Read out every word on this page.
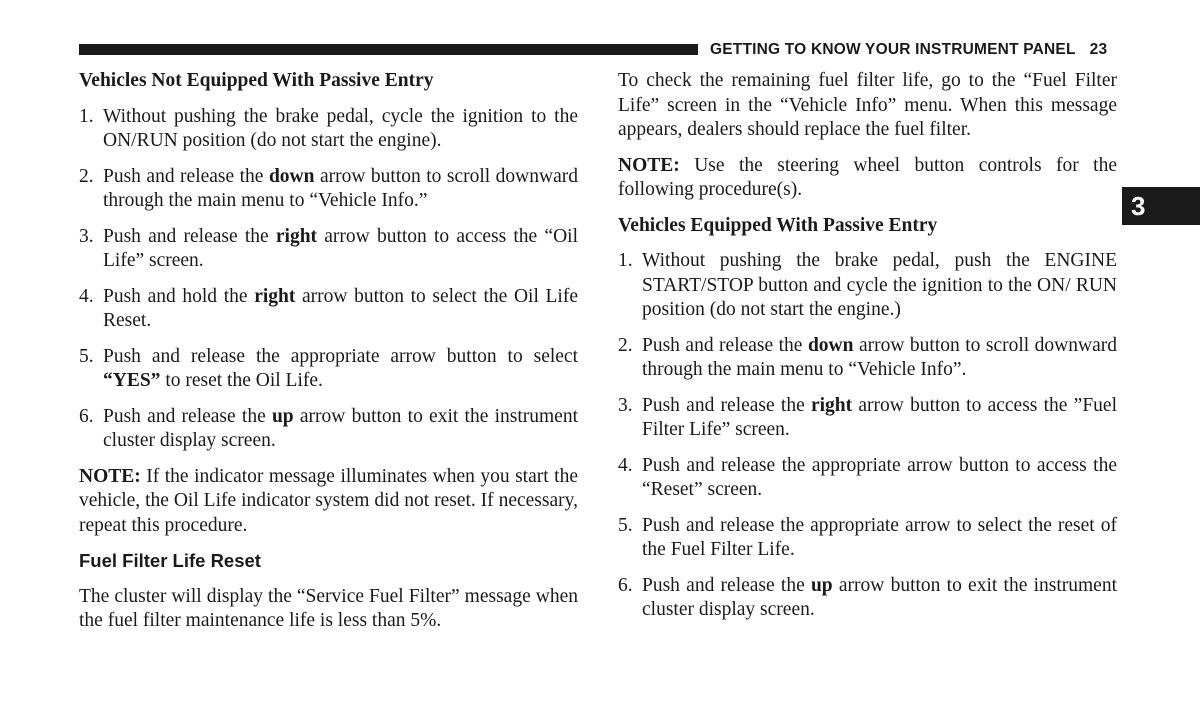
GETTING TO KNOW YOUR INSTRUMENT PANEL 23
3
Vehicles Not Equipped With Passive Entry
1. Without pushing the brake pedal, cycle the ignition to the ON/RUN position (do not start the engine).
2. Push and release the down arrow button to scroll downward through the main menu to “Vehicle Info.”
3. Push and release the right arrow button to access the “Oil Life” screen.
4. Push and hold the right arrow button to select the Oil Life Reset.
5. Push and release the appropriate arrow button to select “YES” to reset the Oil Life.
6. Push and release the up arrow button to exit the instrument cluster display screen.

NOTE: If the indicator message illuminates when you start the vehicle, the Oil Life indicator system did not reset. If necessary, repeat this procedure.

Fuel Filter Life Reset

The cluster will display the “Service Fuel Filter” message when the fuel filter maintenance life is less than 5%.

To check the remaining fuel filter life, go to the “Fuel Filter Life” screen in the “Vehicle Info” menu. When this message appears, dealers should replace the fuel filter.

NOTE: Use the steering wheel button controls for the following procedure(s).

Vehicles Equipped With Passive Entry
1. Without pushing the brake pedal, push the ENGINE START/STOP button and cycle the ignition to the ON/ RUN position (do not start the engine.)
2. Push and release the down arrow button to scroll downward through the main menu to “Vehicle Info”.
3. Push and release the right arrow button to access the ”Fuel Filter Life” screen.
4. Push and release the appropriate arrow button to access the “Reset” screen.
5. Push and release the appropriate arrow to select the reset of the Fuel Filter Life.
6. Push and release the up arrow button to exit the instrument cluster display screen.
